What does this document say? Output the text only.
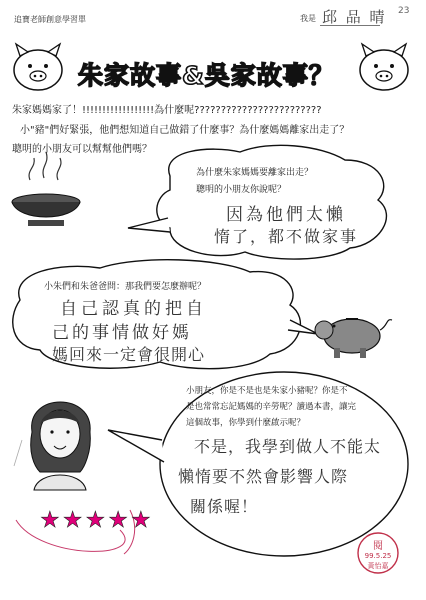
追寶老師創意學習單	我是 邱 品 晴 23
朱家故事&吳家故事？
朱家媽媽家了！!!!!!!!!!!!!!!!!!!為什麼呢????????????????????????
小"豬"們好緊張，他們想知道自己做錯了什麼事？為什麼媽媽離家出走了？
聰明的小朋友可以幫幫他們嗎？
為什麼朱家媽媽要離家出走？
聰明的小朋友你說呢？
因為他們太懶
惰了，都不做家事
小朱們和朱爸爸問：那我們要怎麼辦呢？
自己認真的把自
己的事情做好媽
媽回來一定會很開心
小朋友，你是不是也是朱家小豬呢？你是不
是也常常忘記媽媽的辛勞呢？讀過本書，讓完
這個故事，你學到什麼啟示呢？
不是，我學到做人不能太
懶惰要不然會影響人際
關係喔！
★ ★ ★ ★ ★
閱
99.5.25
黃怡嘉
